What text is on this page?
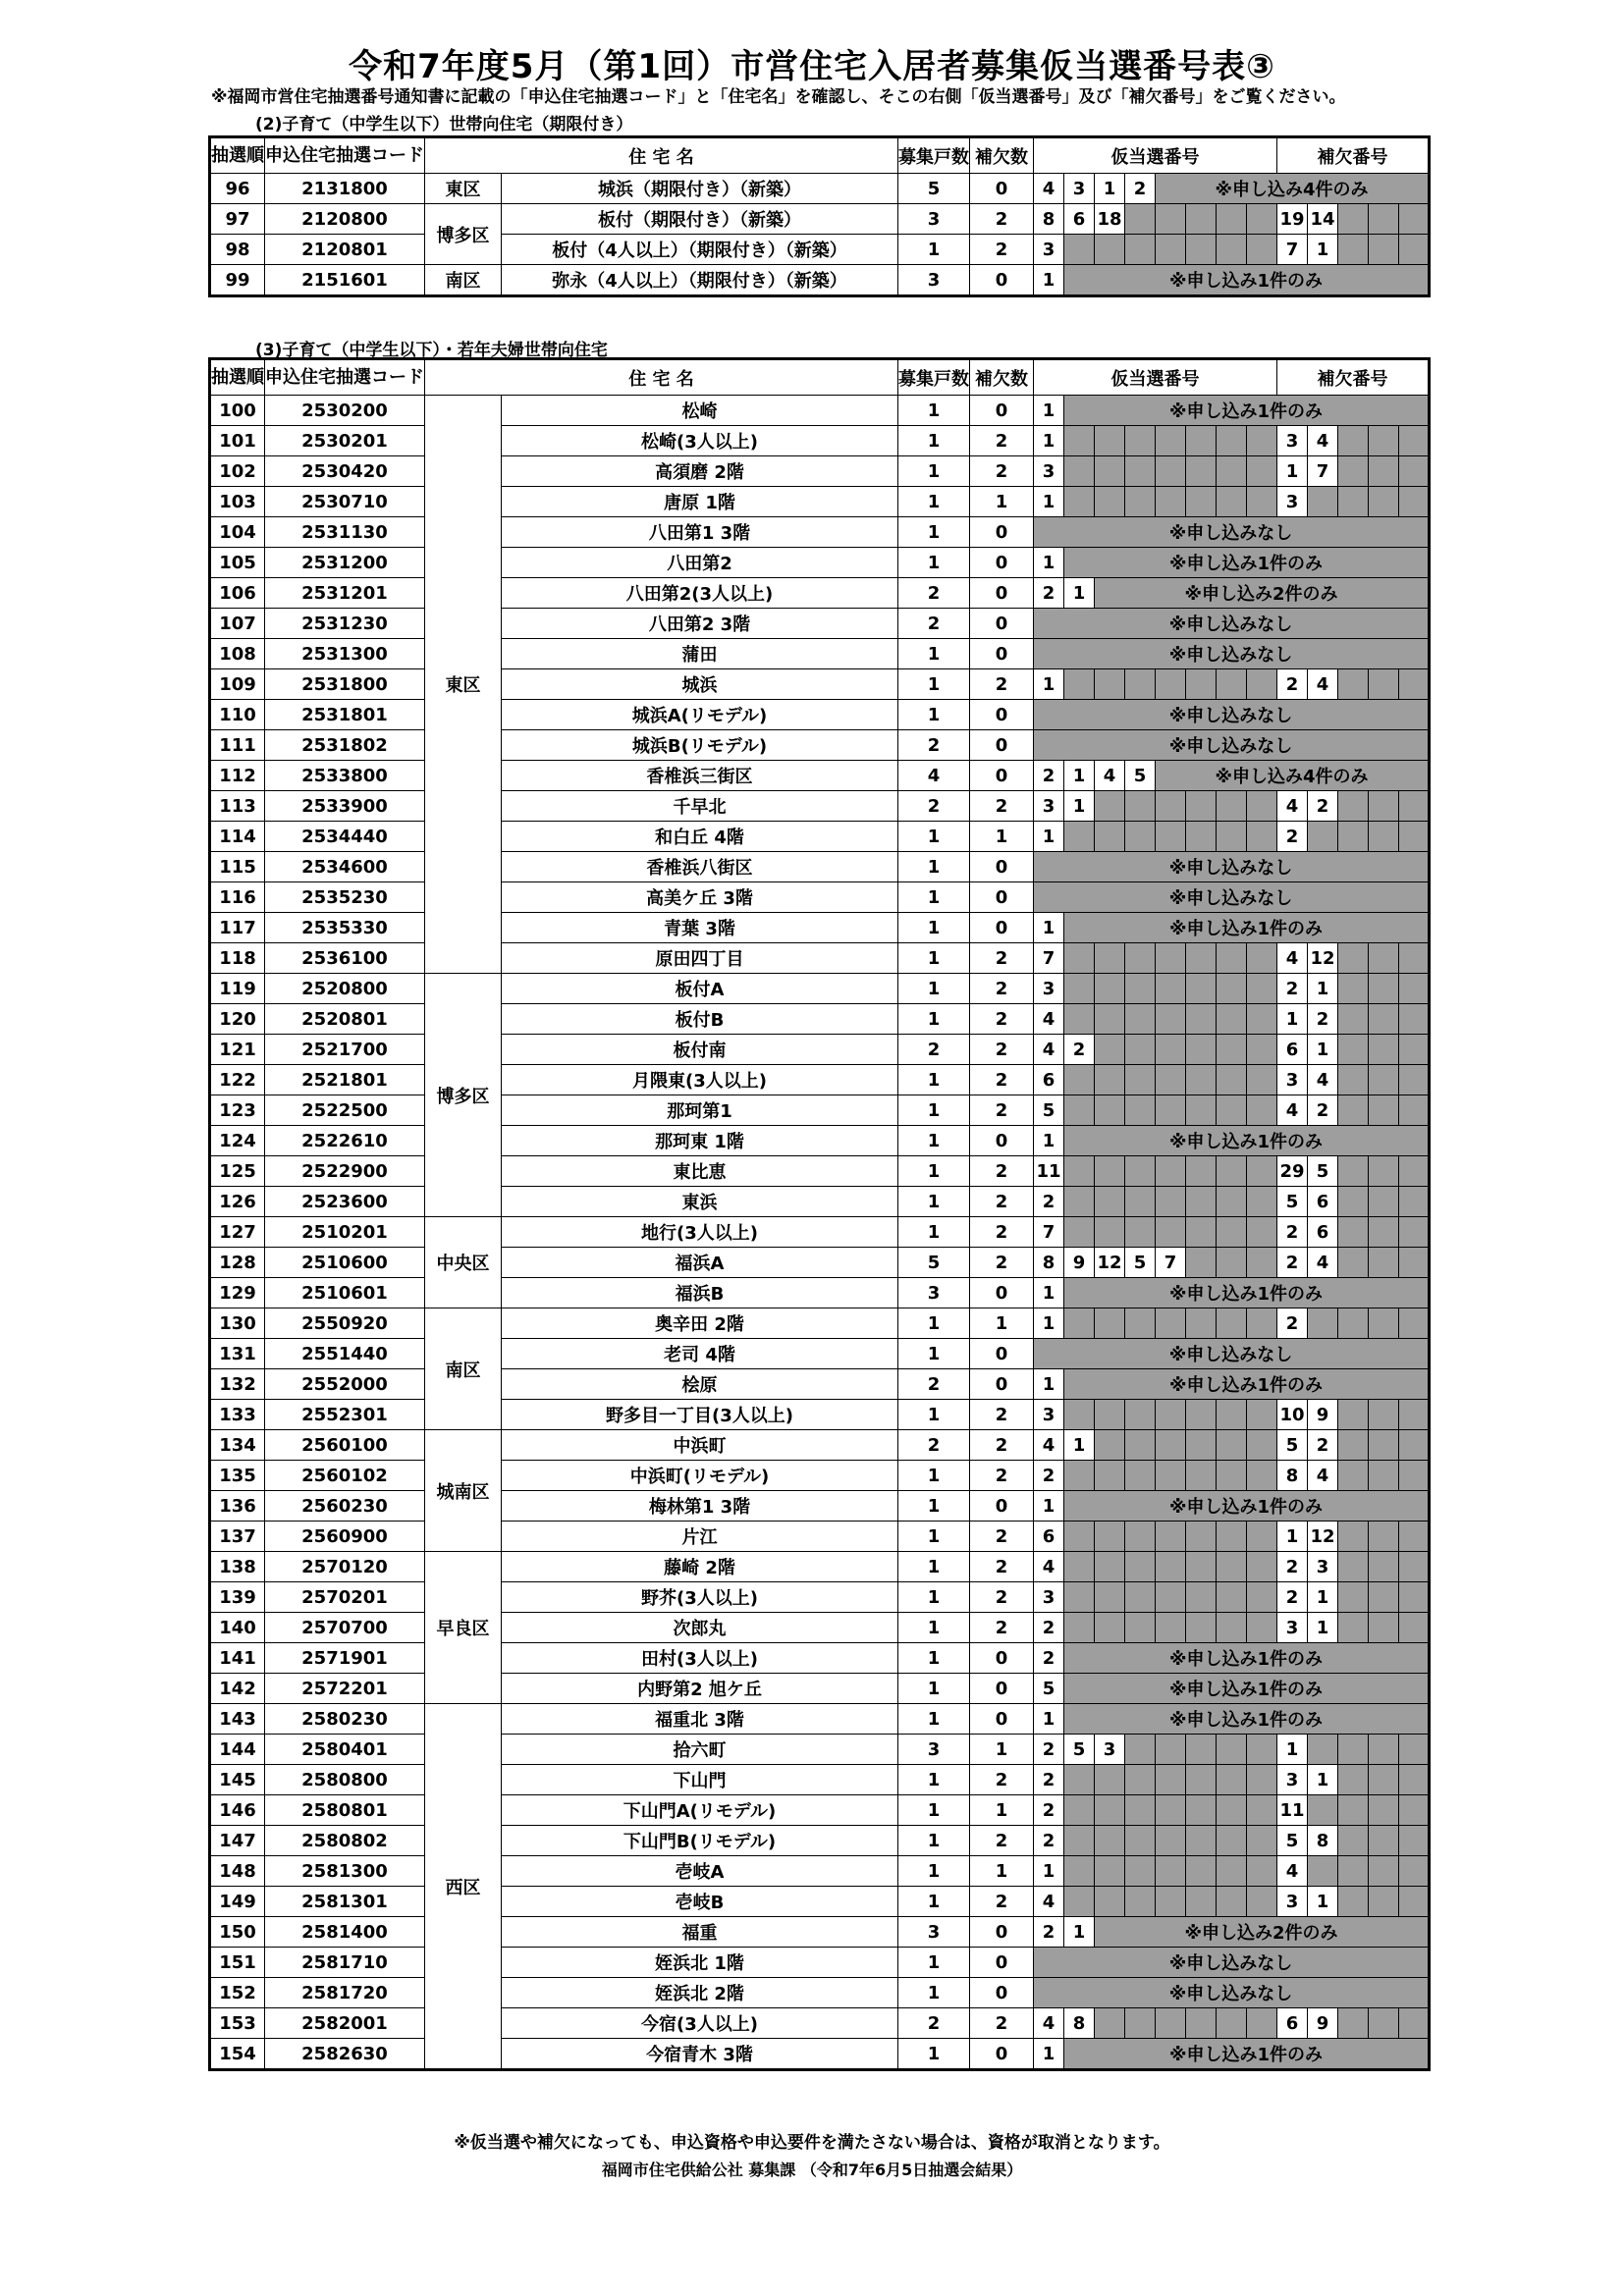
令和7年度5月（第1回）市営住宅入居者募集仮当選番号表③
※福岡市営住宅抽選番号通知書に記載の「申込住宅抽選コード」と「住宅名」を確認し、そこの右側「仮当選番号」及び「補欠番号」をご覧ください。
(2)子育て（中学生以下）世帯向住宅（期限付き）
抽選順	申込住宅抽選コード	住 宅 名		募集戸数	補欠数	仮当選番号								補欠番号				
96	2131800	東区	城浜（期限付き）（新築）	5	0	4	3	1	2	※申し込み4件のみ								
97	2120800	博多区	板付（期限付き）（新築）	3	2	8	6	18						19	14			
98	2120801		板付（4人以上）（期限付き）（新築）	1	2	3								7	1			
99	2151601	南区	弥永（4人以上）（期限付き）（新築）	3	0	1	※申し込み1件のみ											
(3)子育て（中学生以下）・若年夫婦世帯向住宅
抽選順	申込住宅抽選コード	住 宅 名		募集戸数	補欠数	仮当選番号								補欠番号				
100	2530200	東区	松崎	1	0	1	※申し込み1件のみ											
101	2530201		松崎(3人以上)	1	2	1								3	4			
102	2530420		高須磨 2階	1	2	3								1	7			
103	2530710		唐原 1階	1	1	1								3				
104	2531130		八田第1 3階	1	0	※申し込みなし												
105	2531200		八田第2	1	0	1	※申し込み1件のみ											
106	2531201		八田第2(3人以上)	2	0	2	1	※申し込み2件のみ										
107	2531230		八田第2 3階	2	0	※申し込みなし												
108	2531300		蒲田	1	0	※申し込みなし												
109	2531800		城浜	1	2	1								2	4			
110	2531801		城浜A(リモデル)	1	0	※申し込みなし												
111	2531802		城浜B(リモデル)	2	0	※申し込みなし												
112	2533800		香椎浜三街区	4	0	2	1	4	5	※申し込み4件のみ								
113	2533900		千早北	2	2	3	1							4	2			
114	2534440		和白丘 4階	1	1	1								2				
115	2534600		香椎浜八街区	1	0	※申し込みなし												
116	2535230		高美ケ丘 3階	1	0	※申し込みなし												
117	2535330		青葉 3階	1	0	1	※申し込み1件のみ											
118	2536100		原田四丁目	1	2	7								4	12			
119	2520800	博多区	板付A	1	2	3								2	1			
120	2520801		板付B	1	2	4								1	2			
121	2521700		板付南	2	2	4	2							6	1			
122	2521801		月隈東(3人以上)	1	2	6								3	4			
123	2522500		那珂第1	1	2	5								4	2			
124	2522610		那珂東 1階	1	0	1	※申し込み1件のみ											
125	2522900		東比恵	1	2	11								29	5			
126	2523600		東浜	1	2	2								5	6			
127	2510201	中央区	地行(3人以上)	1	2	7								2	6			
128	2510600		福浜A	5	2	8	9	12	5	7				2	4			
129	2510601		福浜B	3	0	1	※申し込み1件のみ											
130	2550920	南区	奥辛田 2階	1	1	1								2				
131	2551440		老司 4階	1	0	※申し込みなし												
132	2552000		桧原	2	0	1	※申し込み1件のみ											
133	2552301		野多目一丁目(3人以上)	1	2	3								10	9			
134	2560100	城南区	中浜町	2	2	4	1							5	2			
135	2560102		中浜町(リモデル)	1	2	2								8	4			
136	2560230		梅林第1 3階	1	0	1	※申し込み1件のみ											
137	2560900		片江	1	2	6								1	12			
138	2570120	早良区	藤崎 2階	1	2	4								2	3			
139	2570201		野芥(3人以上)	1	2	3								2	1			
140	2570700		次郎丸	1	2	2								3	1			
141	2571901		田村(3人以上)	1	0	2	※申し込み1件のみ											
142	2572201		内野第2 旭ケ丘	1	0	5	※申し込み1件のみ											
143	2580230	西区	福重北 3階	1	0	1	※申し込み1件のみ											
144	2580401		拾六町	3	1	2	5	3						1				
145	2580800		下山門	1	2	2								3	1			
146	2580801		下山門A(リモデル)	1	1	2								11				
147	2580802		下山門B(リモデル)	1	2	2								5	8			
148	2581300		壱岐A	1	1	1								4				
149	2581301		壱岐B	1	2	4								3	1			
150	2581400		福重	3	0	2	1	※申し込み2件のみ										
151	2581710		姪浜北 1階	1	0	※申し込みなし												
152	2581720		姪浜北 2階	1	0	※申し込みなし												
153	2582001		今宿(3人以上)	2	2	4	8							6	9			
154	2582630		今宿青木 3階	1	0	1	※申し込み1件のみ											
※仮当選や補欠になっても、申込資格や申込要件を満たさない場合は、資格が取消となります。
福岡市住宅供給公社 募集課 （令和7年6月5日抽選会結果）
